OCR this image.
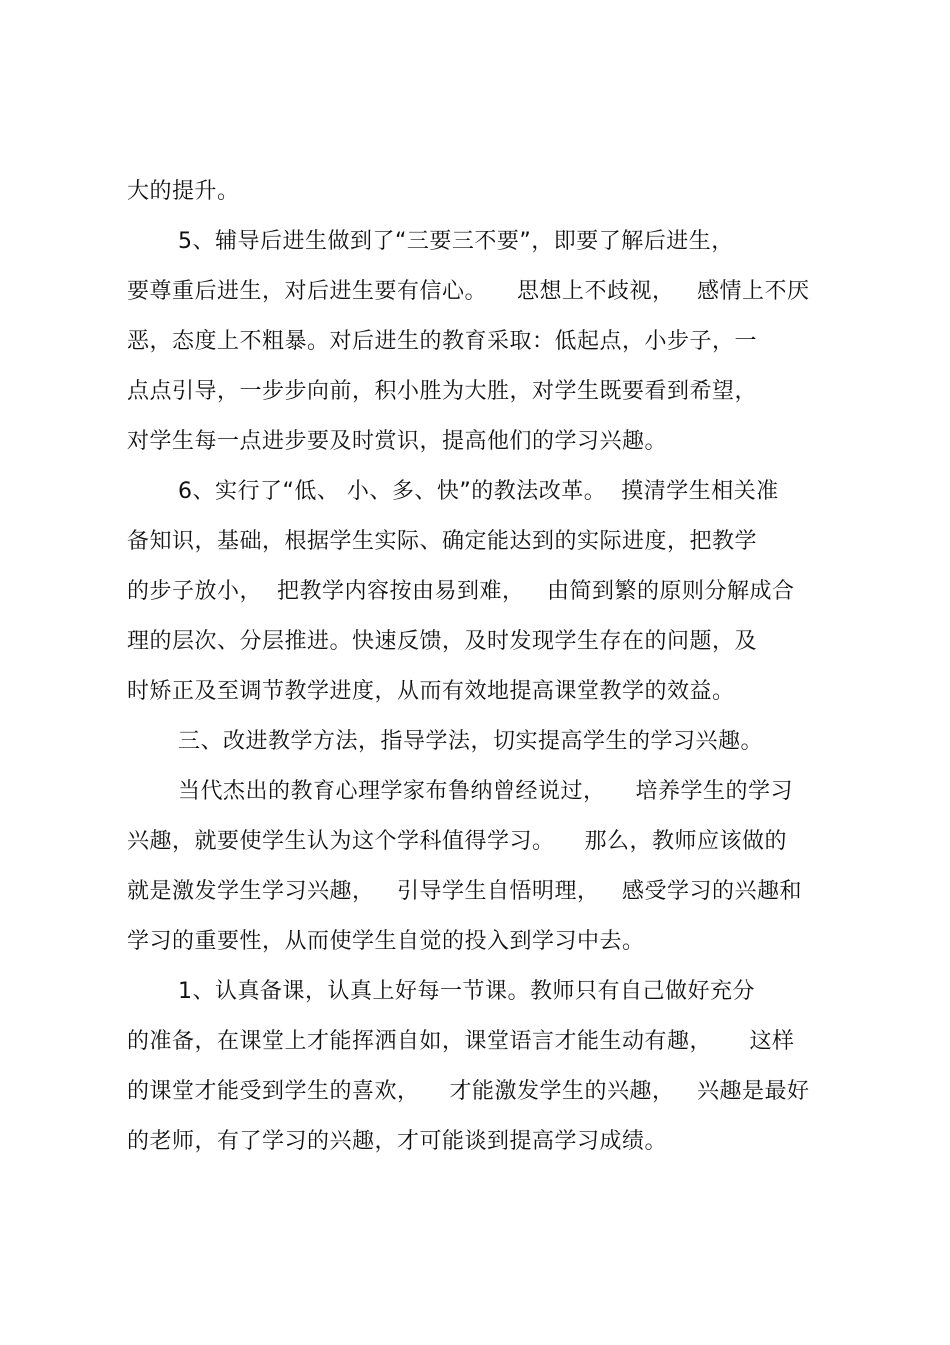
大的提升。
5、辅导后进生做到了“三要三不要”，即要了解后进生，
要尊重后进生，对后进生要有信心。    思想上不歧视，   感情上不厌
恶，态度上不粗暴。对后进生的教育采取：低起点，小步子，一
点点引导，一步步向前，积小胜为大胜，对学生既要看到希望，
对学生每一点进步要及时赏识，提高他们的学习兴趣。
6、实行了“低、 小、多、快”的教法改革。  摸清学生相关准
备知识，基础，根据学生实际、确定能达到的实际进度，把教学
的步子放小，  把教学内容按由易到难，   由简到繁的原则分解成合
理的层次、分层推进。快速反馈，及时发现学生存在的问题，及
时矫正及至调节教学进度，从而有效地提高课堂教学的效益。
三、改进教学方法，指导学法，切实提高学生的学习兴趣。
当代杰出的教育心理学家布鲁纳曾经说过，    培养学生的学习
兴趣，就要使学生认为这个学科值得学习。    那么，教师应该做的
就是激发学生学习兴趣，   引导学生自悟明理，   感受学习的兴趣和
学习的重要性，从而使学生自觉的投入到学习中去。
1、认真备课，认真上好每一节课。教师只有自己做好充分
的准备，在课堂上才能挥洒自如，课堂语言才能生动有趣，     这样
的课堂才能受到学生的喜欢，    才能激发学生的兴趣，   兴趣是最好
的老师，有了学习的兴趣，才可能谈到提高学习成绩。
